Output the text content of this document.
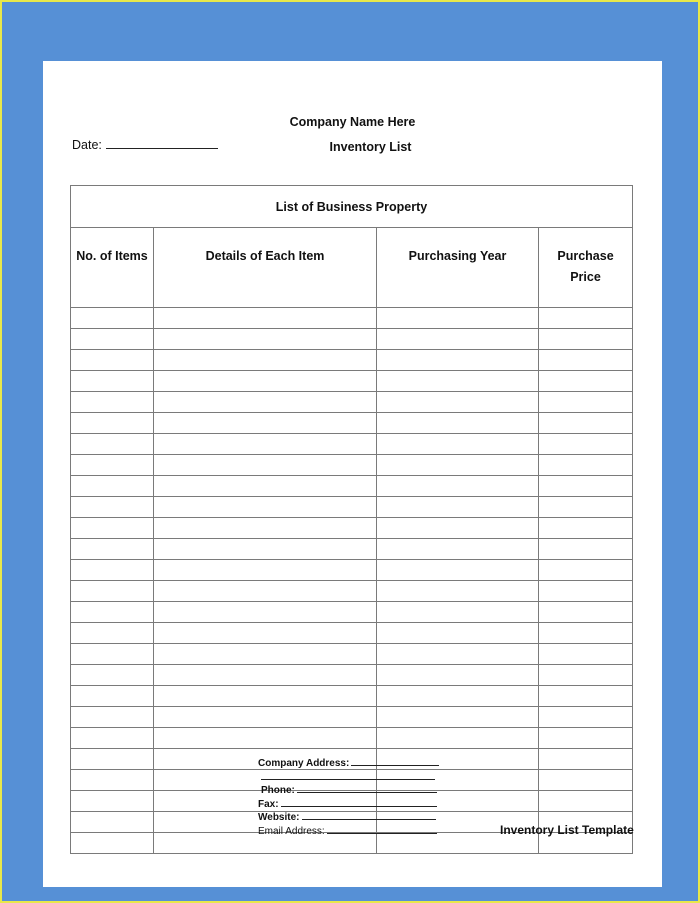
Company Name Here
Date:	Inventory List
List of Business Property			
No. of Items	Details of Each Item	Purchasing Year	Purchase Price

Company Address:
Phone:
Fax:
Website:
Email Address:	Inventory List Template
